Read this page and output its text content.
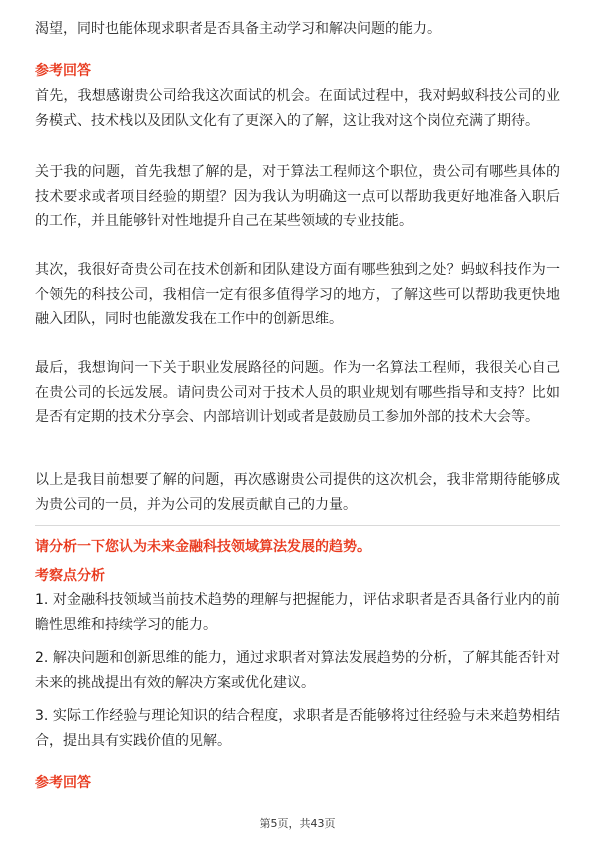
渴望，同时也能体现求职者是否具备主动学习和解决问题的能力。
参考回答
首先，我想感谢贵公司给我这次面试的机会。在面试过程中，我对蚂蚁科技公司的业务模式、技术栈以及团队文化有了更深入的了解，这让我对这个岗位充满了期待。
关于我的问题，首先我想了解的是，对于算法工程师这个职位，贵公司有哪些具体的技术要求或者项目经验的期望？因为我认为明确这一点可以帮助我更好地准备入职后的工作，并且能够针对性地提升自己在某些领域的专业技能。
其次，我很好奇贵公司在技术创新和团队建设方面有哪些独到之处？蚂蚁科技作为一个领先的科技公司，我相信一定有很多值得学习的地方，了解这些可以帮助我更快地融入团队，同时也能激发我在工作中的创新思维。
最后，我想询问一下关于职业发展路径的问题。作为一名算法工程师，我很关心自己在贵公司的长远发展。请问贵公司对于技术人员的职业规划有哪些指导和支持？比如是否有定期的技术分享会、内部培训计划或者是鼓励员工参加外部的技术大会等。
以上是我目前想要了解的问题，再次感谢贵公司提供的这次机会，我非常期待能够成为贵公司的一员，并为公司的发展贡献自己的力量。
请分析一下您认为未来金融科技领域算法发展的趋势。
考察点分析
1. 对金融科技领域当前技术趋势的理解与把握能力，评估求职者是否具备行业内的前瞻性思维和持续学习的能力。
2. 解决问题和创新思维的能力，通过求职者对算法发展趋势的分析，了解其能否针对未来的挑战提出有效的解决方案或优化建议。
3. 实际工作经验与理论知识的结合程度，求职者是否能够将过往经验与未来趋势相结合，提出具有实践价值的见解。
参考回答
第5页，共43页
